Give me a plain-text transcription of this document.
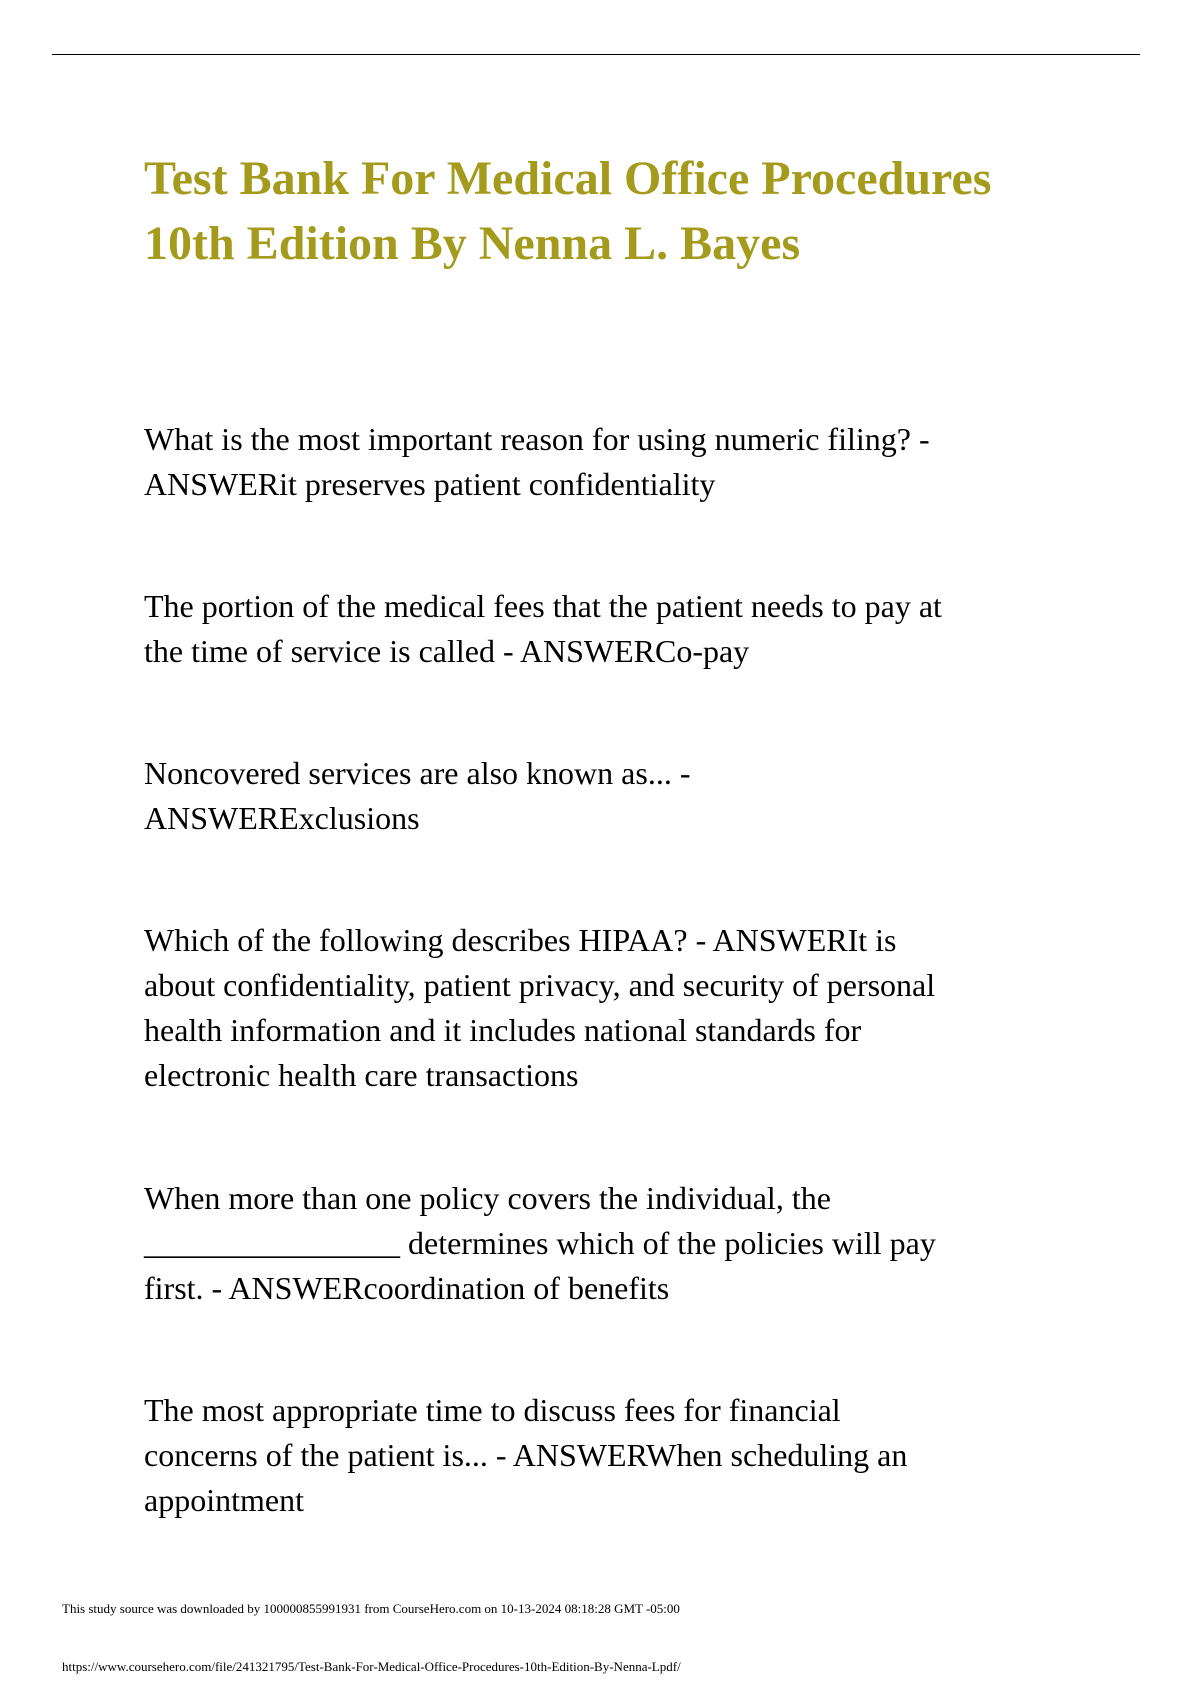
Test Bank For Medical Office Procedures 10th Edition By Nenna L. Bayes

What is the most important reason for using numeric filing? -
ANSWERit preserves patient confidentiality

The portion of the medical fees that the patient needs to pay at
the time of service is called - ANSWERCo-pay

Noncovered services are also known as... -
ANSWERExclusions

Which of the following describes HIPAA? - ANSWERIt is
about confidentiality, patient privacy, and security of personal
health information and it includes national standards for
electronic health care transactions

When more than one policy covers the individual, the
________________ determines which of the policies will pay
first. - ANSWERcoordination of benefits

The most appropriate time to discuss fees for financial
concerns of the patient is... - ANSWERWhen scheduling an
appointment

This study source was downloaded by 100000855991931 from CourseHero.com on 10-13-2024 08:18:28 GMT -05:00

https://www.coursehero.com/file/241321795/Test-Bank-For-Medical-Office-Procedures-10th-Edition-By-Nenna-Lpdf/
